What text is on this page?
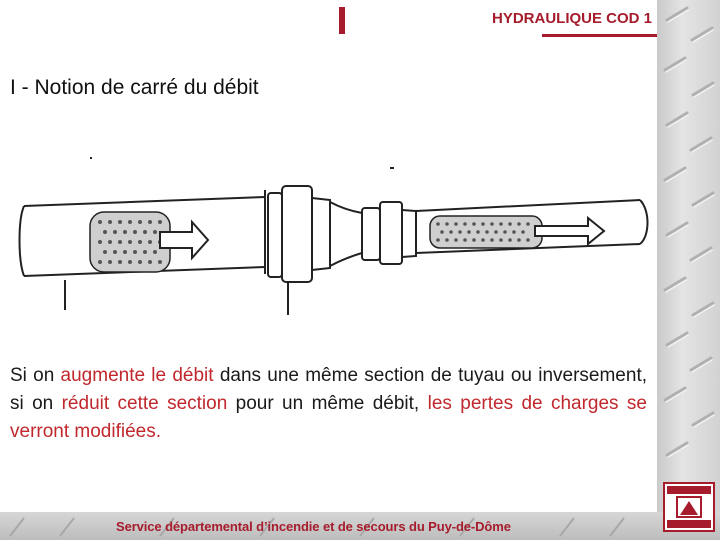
HYDRAULIQUE COD 1
I - Notion de carré du débit
Si on augmente le débit dans une même section de tuyau ou inversement, si on réduit cette section pour un même débit, les pertes de charges se verront modifiées.
Service départemental d’incendie et de secours du Puy-de-Dôme
